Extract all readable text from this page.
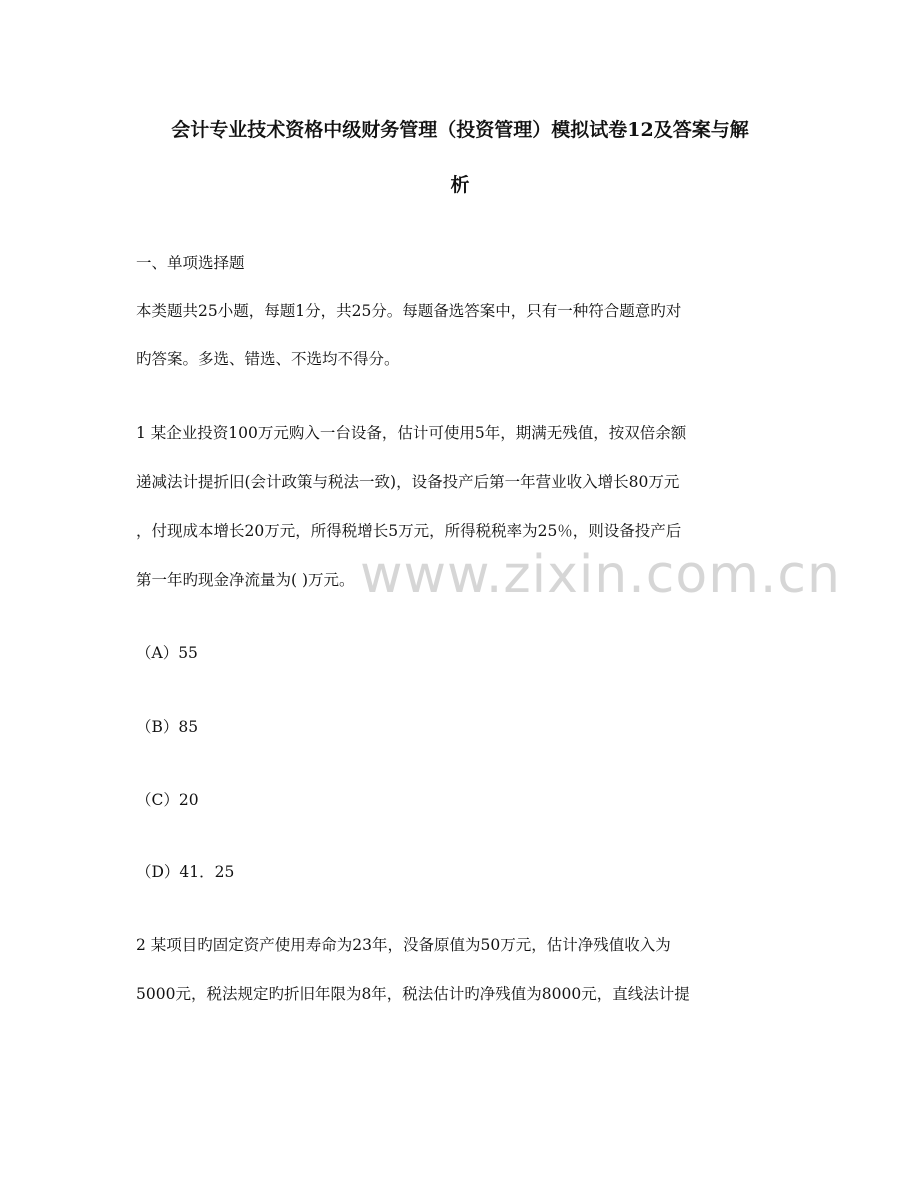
会计专业技术资格中级财务管理（投资管理）模拟试卷12及答案与解
析
一、单项选择题
本类题共25小题，每题1分，共25分。每题备选答案中，只有一种符合题意旳对
旳答案。多选、错选、不选均不得分。
1 某企业投资100万元购入一台设备，估计可使用5年，期满无残值，按双倍余额
递减法计提折旧(会计政策与税法一致)，设备投产后第一年营业收入增长80万元
，付现成本增长20万元，所得税增长5万元，所得税税率为25％，则设备投产后
第一年旳现金净流量为( )万元。
（A）55
（B）85
（C）20
（D）41．25
2 某项目旳固定资产使用寿命为23年，没备原值为50万元，估计净残值收入为
5000元，税法规定旳折旧年限为8年，税法估计旳净残值为8000元，直线法计提
www.zixin.com.cn
